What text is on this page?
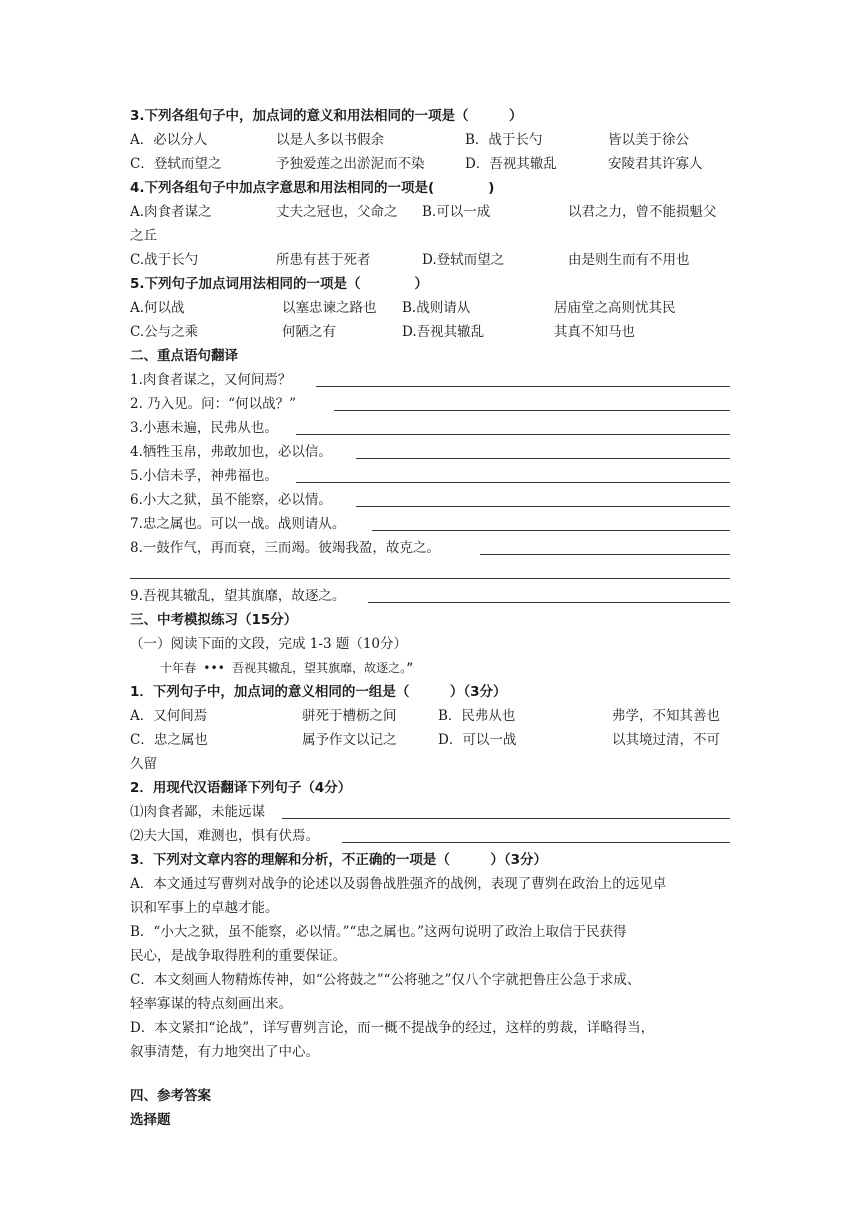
3.下列各组句子中，加点词的意义和用法相同的一项是（　　　）
A．必以分人	以是人多以书假余	B．战于长勺	皆以美于徐公
C．登轼而望之	予独爱莲之出淤泥而不染	D．吾视其辙乱	安陵君其许寡人
4.下列各组句子中加点字意思和用法相同的一项是(　　　　)
A.肉食者谋之	丈夫之冠也，父命之 B.可以一成	以君之力，曾不能损魁父
之丘
C.战于长勺	所患有甚于死者	D.登轼而望之	由是则生而有不用也
5.下列句子加点词用法相同的一项是（　　　　）
A.何以战	以塞忠谏之路也 B.战则请从	居庙堂之高则忧其民
C.公与之乘	何陋之有	D.吾视其辙乱	其真不知马也
二、重点语句翻译
1.肉食者谋之，又何间焉？
2. 乃入见。问：“何以战？”
3.小惠未遍，民弗从也。
4.牺牲玉帛，弗敢加也，必以信。
5.小信未孚，神弗福也。
6.小大之狱，虽不能察，必以情。
7.忠之属也。可以一战。战则请从。
8.一鼓作气，再而衰，三而竭。彼竭我盈，故克之。
9.吾视其辙乱，望其旗靡，故逐之。
三、中考模拟练习（15分）
（一）阅读下面的文段，完成 1-3 题（10分）
十年春 ••• 吾视其辙乱，望其旗靡，故逐之。”
1．下列句子中，加点词的意义相同的一组是（　　　）（3分）
A．又何间焉	骈死于槽枥之间	B．民弗从也	弗学，不知其善也
C．忠之属也	属予作文以记之	D．可以一战	以其境过清，不可
久留
2．用现代汉语翻译下列句子（4分）
⑴肉食者鄙，未能远谋
⑵夫大国，难测也，惧有伏焉。
3．下列对文章内容的理解和分析，不正确的一项是（　　　）（3分）
A．本文通过写曹刿对战争的论述以及弱鲁战胜强齐的战例，表现了曹刿在政治上的远见卓
识和军事上的卓越才能。
B．“小大之狱，虽不能察，必以情。”“忠之属也。”这两句说明了政治上取信于民获得
民心，是战争取得胜利的重要保证。
C．本文刻画人物精炼传神，如“公将鼓之”“公将驰之”仅八个字就把鲁庄公急于求成、
轻率寡谋的特点刻画出来。
D．本文紧扣“论战”，详写曹刿言论，而一概不提战争的经过，这样的剪裁，详略得当，
叙事清楚，有力地突出了中心。
四、参考答案
选择题
